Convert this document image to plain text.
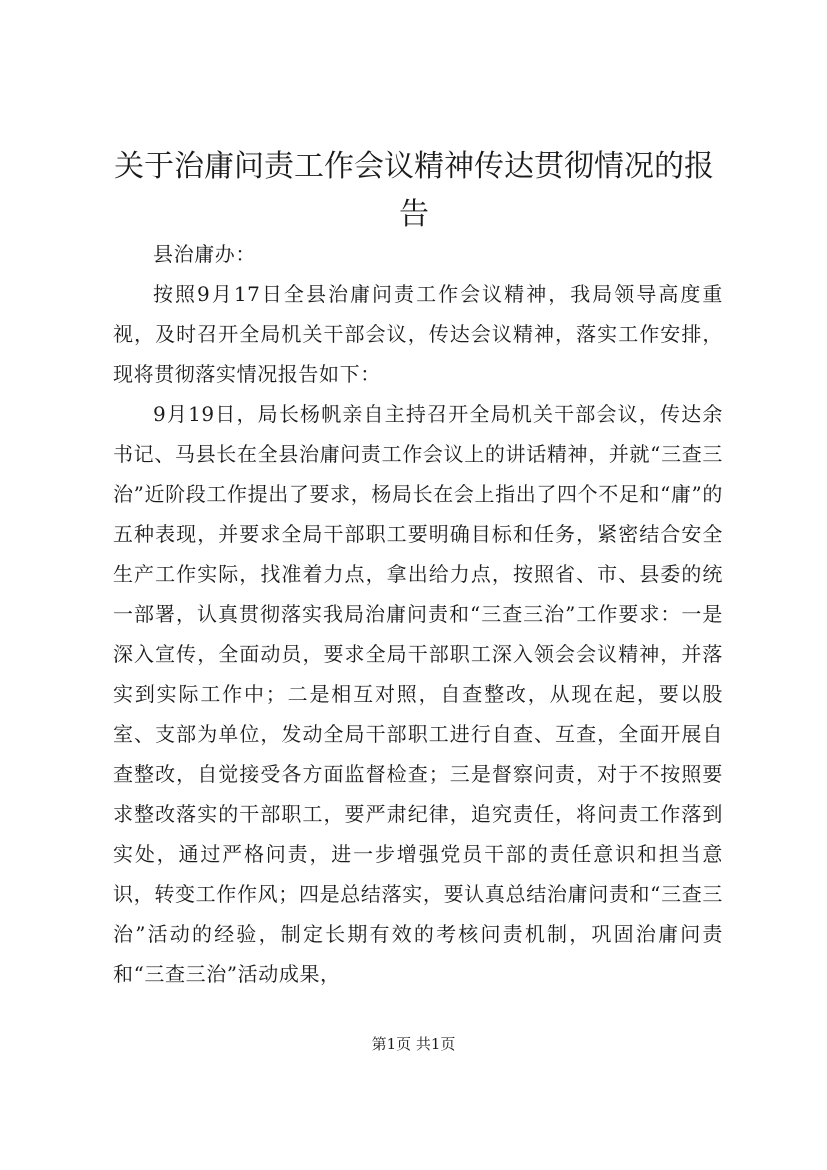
关于治庸问责工作会议精神传达贯彻情况的报告

县治庸办：

按照9月17日全县治庸问责工作会议精神，我局领导高度重视，及时召开全局机关干部会议，传达会议精神，落实工作安排，现将贯彻落实情况报告如下：

9月19日，局长杨帆亲自主持召开全局机关干部会议，传达余书记、马县长在全县治庸问责工作会议上的讲话精神，并就“三查三治”近阶段工作提出了要求，杨局长在会上指出了四个不足和“庸”的五种表现，并要求全局干部职工要明确目标和任务，紧密结合安全生产工作实际，找准着力点，拿出给力点，按照省、市、县委的统一部署，认真贯彻落实我局治庸问责和“三查三治”工作要求：一是深入宣传，全面动员，要求全局干部职工深入领会会议精神，并落实到实际工作中；二是相互对照，自查整改，从现在起，要以股室、支部为单位，发动全局干部职工进行自查、互查，全面开展自查整改，自觉接受各方面监督检查；三是督察问责，对于不按照要求整改落实的干部职工，要严肃纪律，追究责任，将问责工作落到实处，通过严格问责，进一步增强党员干部的责任意识和担当意识，转变工作作风；四是总结落实，要认真总结治庸问责和“三查三治”活动的经验，制定长期有效的考核问责机制，巩固治庸问责和“三查三治”活动成果，

第1页 共1页
